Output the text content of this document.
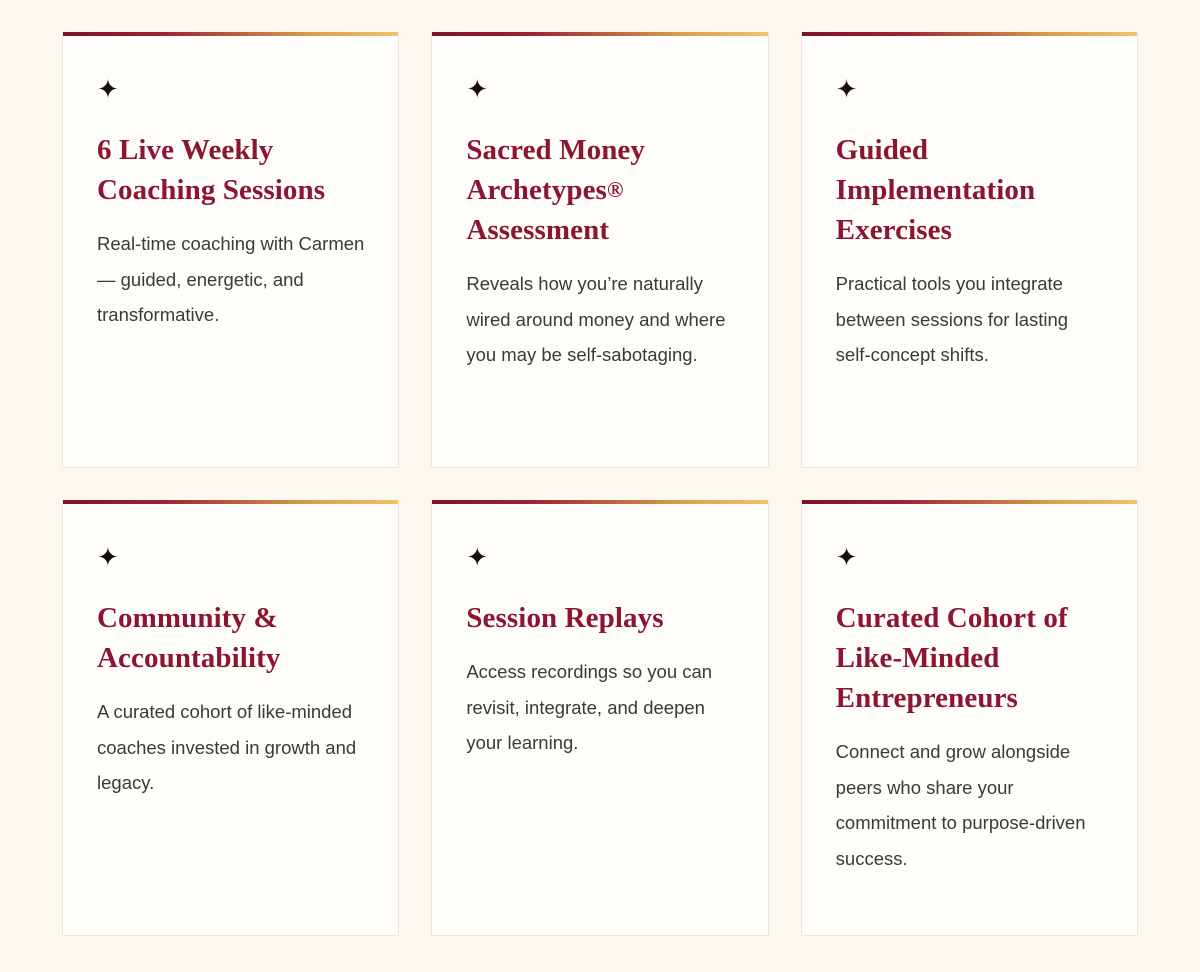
✦
6 Live Weekly Coaching Sessions

Real-time coaching with Carmen — guided, energetic, and transformative.

✦
Sacred Money Archetypes® Assessment

Reveals how you’re naturally wired around money and where you may be self-sabotaging.

✦
Guided Implementation Exercises

Practical tools you integrate between sessions for lasting self-concept shifts.

✦
Community & Accountability

A curated cohort of like-minded coaches invested in growth and legacy.

✦
Session Replays

Access recordings so you can revisit, integrate, and deepen your learning.

✦
Curated Cohort of Like-Minded Entrepreneurs

Connect and grow alongside peers who share your commitment to purpose-driven success.
